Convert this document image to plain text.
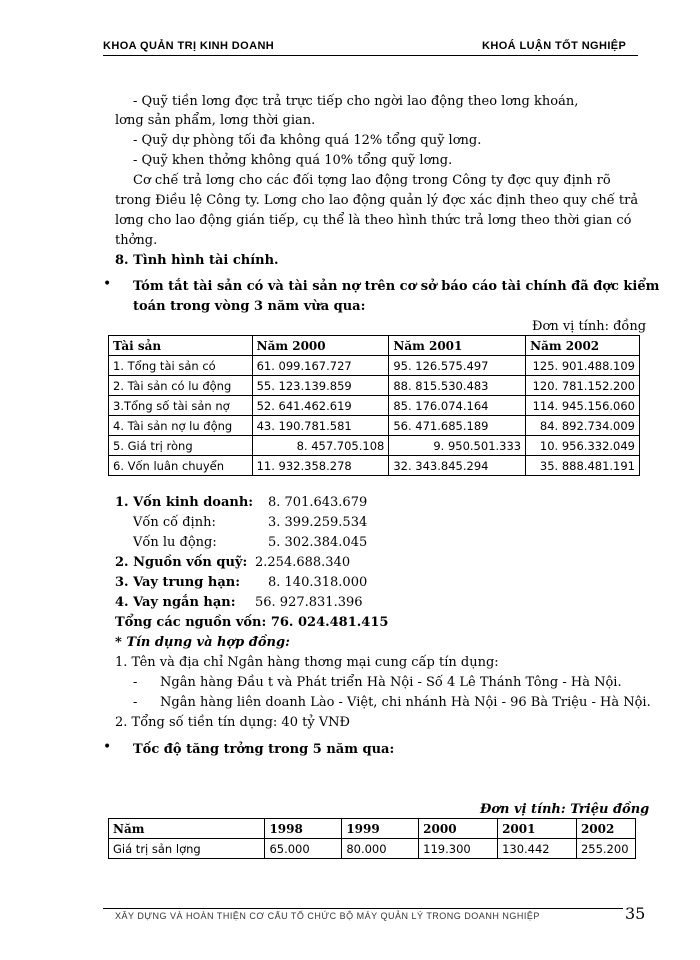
KHOA QUẢN TRỊ KINH DOANH	KHOÁ LUẬN TỐT NGHIỆP
- Quỹ tiền lơng đợc trả trực tiếp cho ngời lao động theo lơng khoán,
lơng sản phẩm, lơng thời gian.
- Quỹ dự phòng tối đa không quá 12% tổng quỹ lơng.
- Quỹ khen thởng không quá 10% tổng quỹ lơng.
Cơ chế trả lơng cho các đối tợng lao động trong Công ty đợc quy định rõ
trong Điều lệ Công ty. Lơng cho lao động quản lý đợc xác định theo quy chế trả
lơng cho lao động gián tiếp, cụ thể là theo hình thức trả lơng theo thời gian có
thởng.
8. Tình hình tài chính.
• Tóm tắt tài sản có và tài sản nợ trên cơ sở báo cáo tài chính đã đợc kiểm
toán trong vòng 3 năm vừa qua:
Đơn vị tính: đồng
Tài sản	Năm 2000	Năm 2001	Năm 2002
1. Tổng tài sản có	61. 099.167.727	95. 126.575.497	125. 901.488.109
2. Tài sản có lu động	55. 123.139.859	88. 815.530.483	120. 781.152.200
3.Tổng số tài sản nợ	52. 641.462.619	85. 176.074.164	114. 945.156.060
4. Tài sản nợ lu động	43. 190.781.581	56. 471.685.189	84. 892.734.009
5. Giá trị ròng	8. 457.705.108	9. 950.501.333	10. 956.332.049
6. Vốn luân chuyển	11. 932.358.278	32. 343.845.294	35. 888.481.191
1. Vốn kinh doanh: 8. 701.643.679
Vốn cố định:	3. 399.259.534
Vốn lu động:	5. 302.384.045
2. Nguồn vốn quỹ: 2.254.688.340
3. Vay trung hạn: 8. 140.318.000
4. Vay ngắn hạn: 56. 927.831.396
Tổng các nguồn vốn: 76. 024.481.415
* Tín dụng và hợp đồng:
1. Tên và địa chỉ Ngân hàng thơng mại cung cấp tín dụng:
- Ngân hàng Đầu t và Phát triển Hà Nội - Số 4 Lê Thánh Tông - Hà Nội.
- Ngân hàng liên doanh Lào - Việt, chi nhánh Hà Nội - 96 Bà Triệu - Hà Nội.
2. Tổng số tiền tín dụng: 40 tỷ VNĐ
• Tốc độ tăng trởng trong 5 năm qua:
Đơn vị tính: Triệu đồng
Năm	1998	1999	2000	2001	2002
Giá trị sản lợng	65.000	80.000	119.300	130.442	255.200
XÂY DỰNG VÀ HOÀN THIỆN CƠ CẤU TỔ CHỨC BỘ MÁY QUẢN LÝ TRONG DOANH NGHIỆP	35
